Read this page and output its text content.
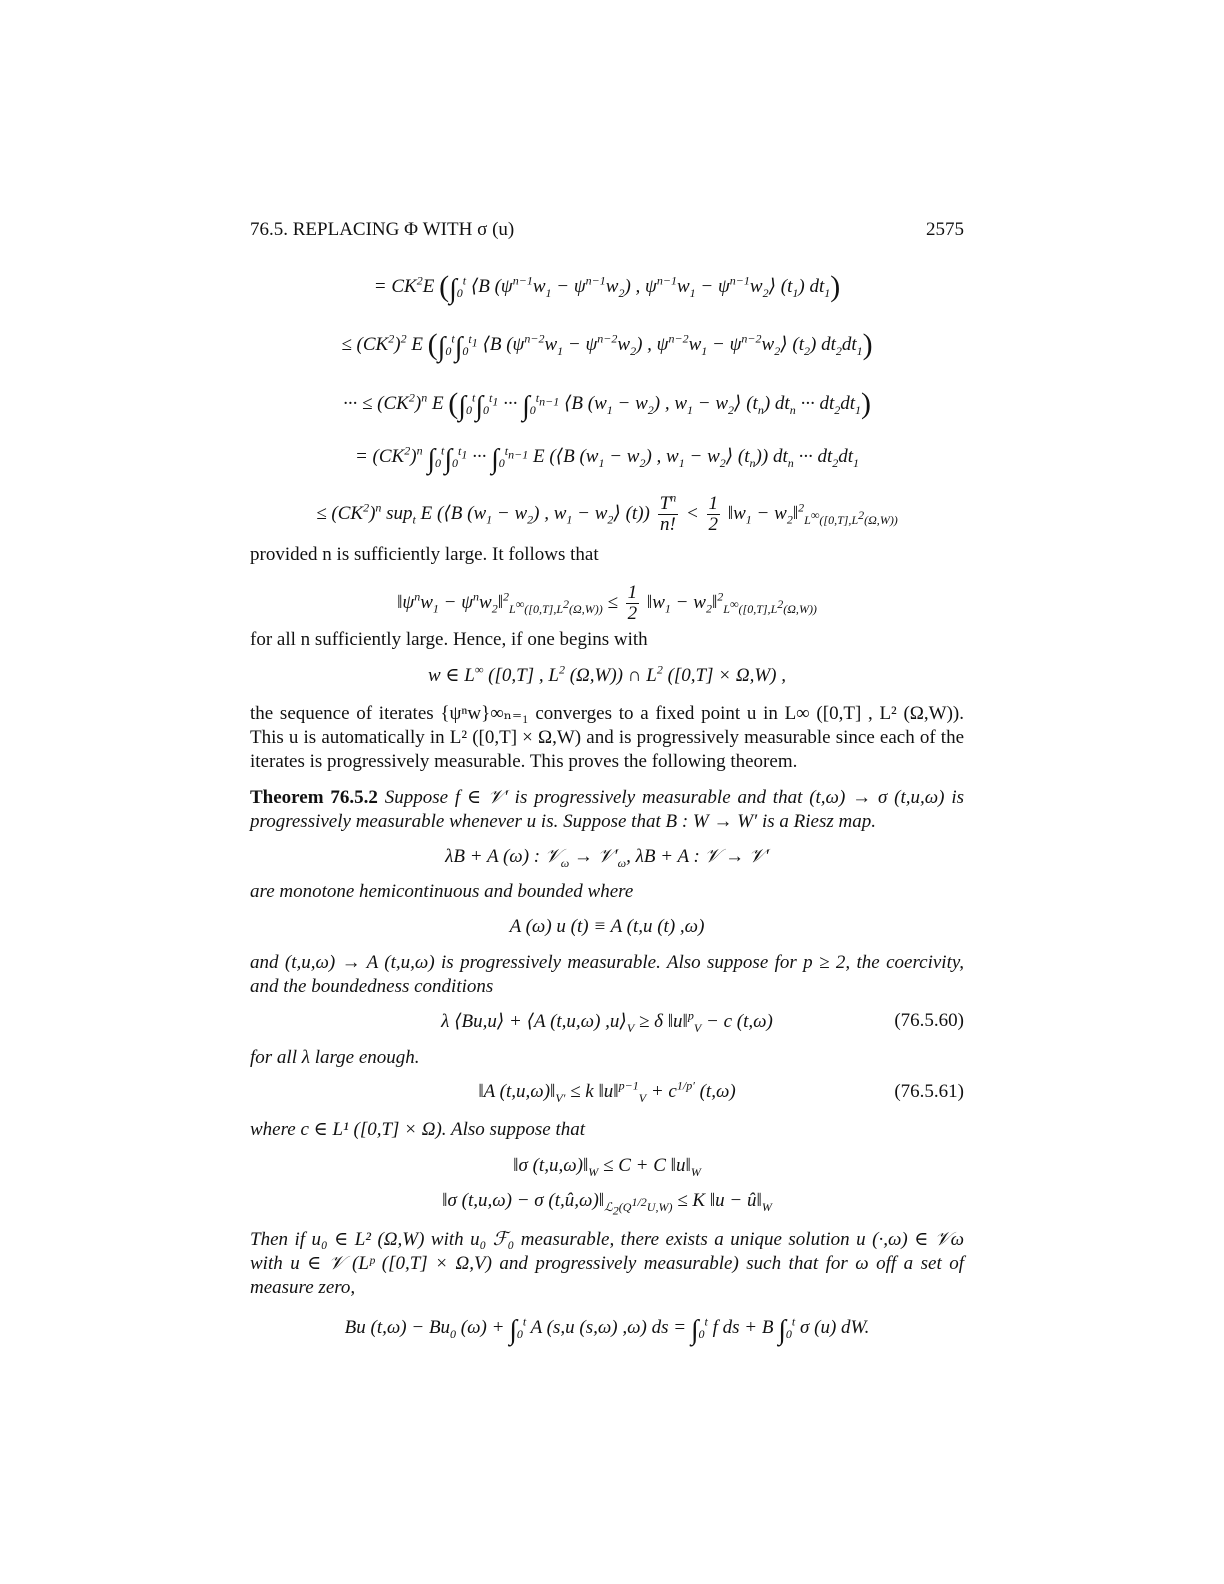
76.5. REPLACING Φ WITH σ (u)	2575
= $CK^2E$ ($\int_0^t$ ⟨B $(\psi^{n-1}w_1 - \psi^{n-1}w_2)$ , $\psi^{n-1}w_1$ − $\psi^{n-1}w_2⟩$ $(t_1)$ $dt_1$)
≤ $(CK^2)^2$ E ($\int_0^t\int_0^{t_1}$ ⟨B $(\psi^{n-2}w_1 - \psi^{n-2}w_2)$ , $\psi^{n-2}w_1$ − $\psi^{n-2}w_2⟩$ $(t_2)$ $dt_2dt_1$)
··· ≤ $(CK^2)^n$ E ($\int_0^t\int_0^{t_1}$ ··· $\int_0^{t_{n-1}}$ ⟨B $(w_1 - w_2)$ , $w_1$ − $w_2⟩$ $(t_n)$ $dt_n$ ··· $dt_2dt_1$)
= $(CK^2)^n$ $\int_0^t\int_0^{t_1}$ ··· $\int_0^{t_{n-1}}$ E (⟨B $(w_1 - w_2)$ , $w_1$ − $w_2⟩$ $(t_n)$) $dt_n$ ··· $dt_2dt_1$
≤ $(CK^2)^n$ sup$_t$ E (⟨B $(w_1 - w_2)$ , $w_1$ − $w_2⟩$ $(t)) \frac{T^n}{n!} < \frac{1}{2}$ $‖w_1$ − $w_2‖^2_{L^\infty([0,T],L^2(\Omega,W))}$
provided n is sufficiently large. It follows that
$‖\psi^nw_1$ − $\psi^nw_2‖^2_{L^\infty([0,T],L^2(\Omega,W))} \le \frac{1}{2}$ $‖w_1$ − $w_2‖^2_{L^\infty([0,T],L^2(\Omega,W))}$
for all n sufficiently large. Hence, if one begins with
w ∈ L∞ ([0,T] , $L^2$ (Ω,W)) ∩ $L^2$ ([0,T] × Ω,W) ,
the sequence of iterates {ψⁿw}∞ₙ₌₁ converges to a fixed point u in L∞ ([0,T] , L² (Ω,W)). This u is automatically in L² ([0,T] × Ω,W) and is progressively measurable since each of the iterates is progressively measurable. This proves the following theorem.
Theorem 76.5.2 Suppose f ∈ 𝒱′ is progressively measurable and that (t,ω) → σ (t,u,ω) is progressively measurable whenever u is. Suppose that B : W → W′ is a Riesz map.
λB + A (ω) : 𝒱$_\omega$ → $𝒱'_\omega$, λB + A : 𝒱 → 𝒱′
are monotone hemicontinuous and bounded where
A (ω) u (t) ≡ A (t,u (t) ,ω)
and (t,u,ω) → A (t,u,ω) is progressively measurable. Also suppose for p ≥ 2, the coercivity, and the boundedness conditions
λ ⟨Bu,u⟩ + ⟨A (t,u,ω) $,u⟩_V \ge \delta$ ‖u‖$^p_V$ − c (t,ω)	(76.5.60)
for all λ large enough.
‖A $(t,u,\omega)‖_{V'} \le k$ ‖u‖$^{p-1}_V$ + $c^{1/p'}$ (t,ω)	(76.5.61)
where c ∈ L¹ ([0,T] × Ω). Also suppose that
‖σ $(t,u,\omega)‖_W \le C + C$ $‖u‖_W$
‖σ (t,u,ω) − σ $(t,û,\omega)‖_{ℒ_2(Q^{1/2}U,W)} \le K$ ‖u − $û‖_W$
Then if u₀ ∈ L² (Ω,W) with u₀ ℱ₀ measurable, there exists a unique solution u (·,ω) ∈ 𝒱ω with u ∈ 𝒱 (Lᵖ ([0,T] × Ω,V) and progressively measurable) such that for ω off a set of measure zero,
Bu $(t,\omega) - Bu_0$ $(\omega) + \int_0^t$ A (s,u (s,ω) ,ω) ds = $\int_0^t$ f ds + B $\int_0^t$ σ (u) dW.
